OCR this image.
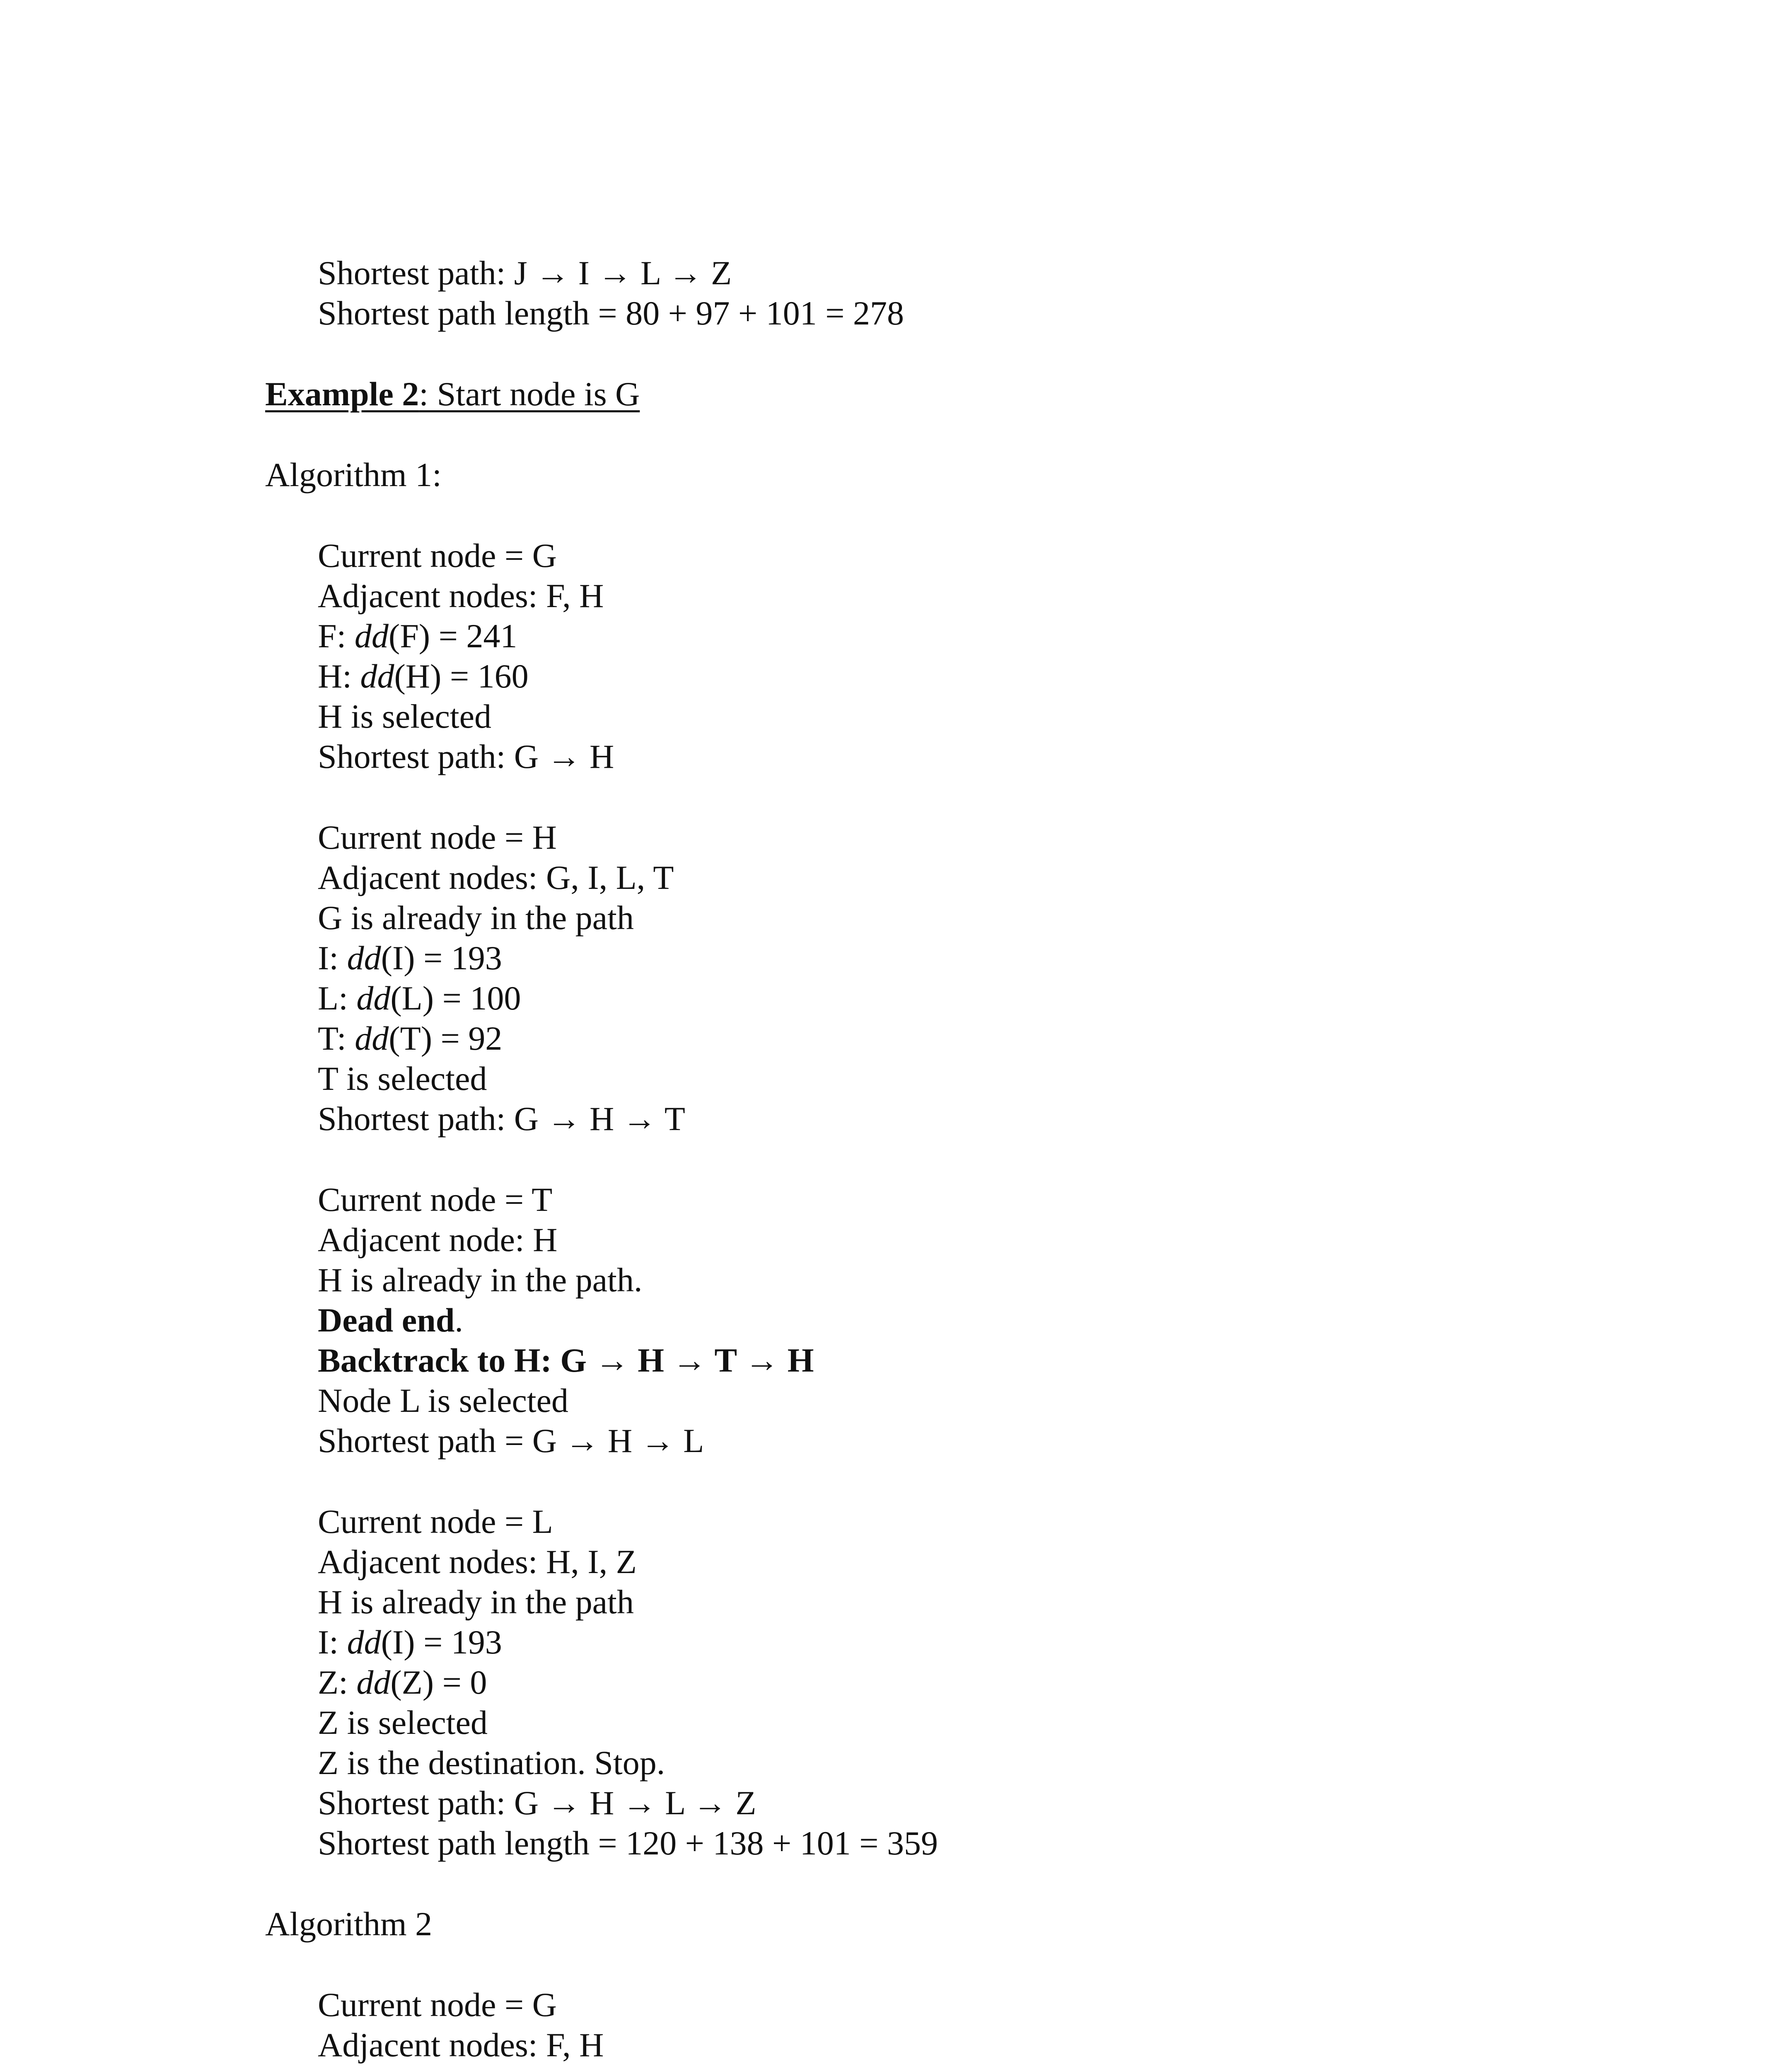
Shortest path: J → I → L → Z
Shortest path length = 80 + 97 + 101 = 278
Example 2: Start node is G
Algorithm 1:
Current node = G
Adjacent nodes: F, H
F: dd(F) = 241
H: dd(H) = 160
H is selected
Shortest path: G → H
Current node = H
Adjacent nodes: G, I, L, T
G is already in the path
I: dd(I) = 193
L: dd(L) = 100
T: dd(T) = 92
T is selected
Shortest path: G → H → T
Current node = T
Adjacent node: H
H is already in the path.
Dead end.
Backtrack to H: G → H → T → H
Node L is selected
Shortest path = G → H → L
Current node = L
Adjacent nodes: H, I, Z
H is already in the path
I: dd(I) = 193
Z: dd(Z) = 0
Z is selected
Z is the destination. Stop.
Shortest path: G → H → L → Z
Shortest path length = 120 + 138 + 101 = 359
Algorithm 2
Current node = G
Adjacent nodes: F, H
